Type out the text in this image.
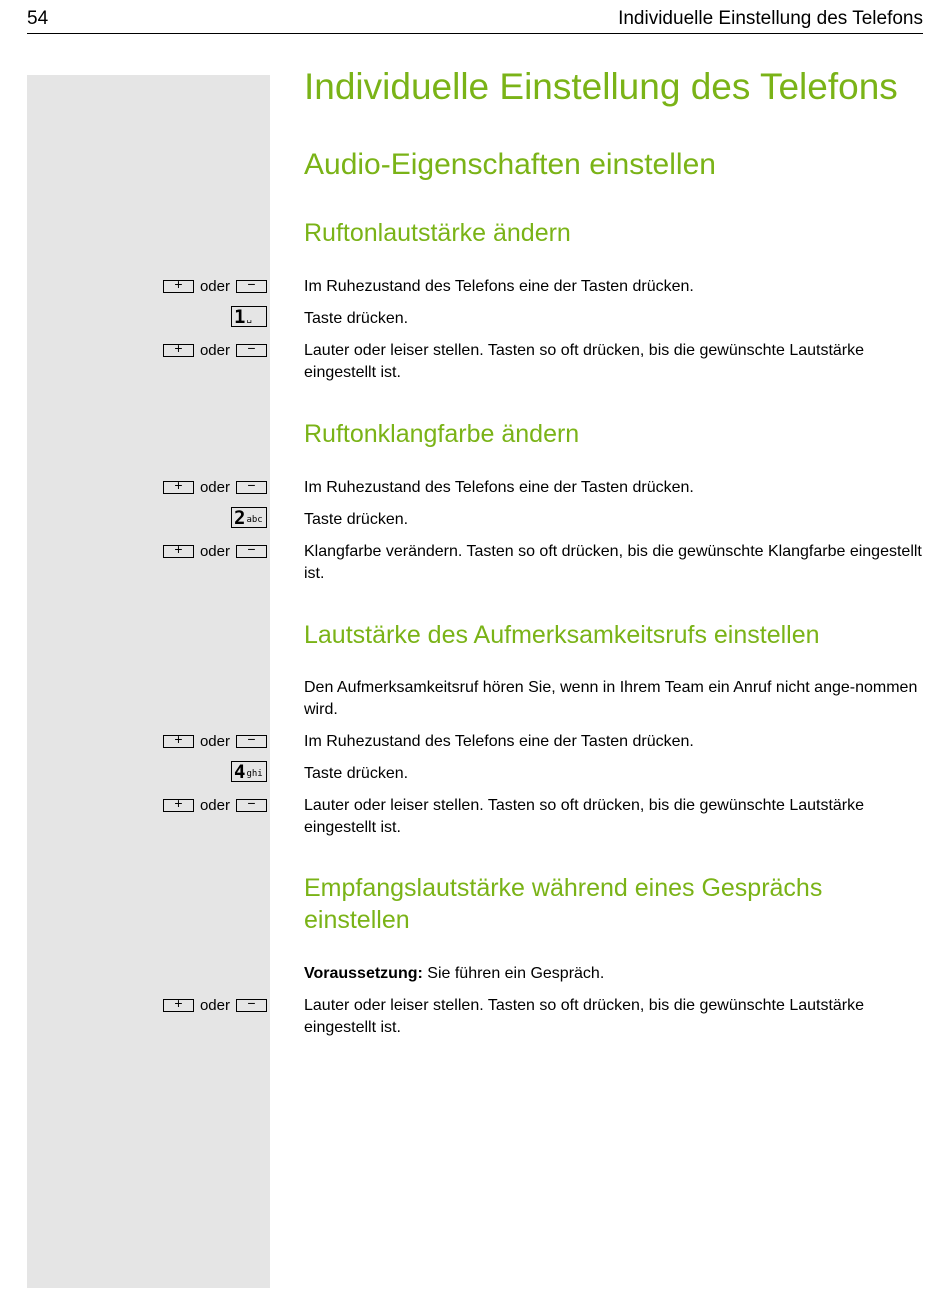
54	Individuelle Einstellung des Telefons
Individuelle Einstellung des Telefons
Audio-Eigenschaften einstellen
Ruftonlautstärke ändern
+	oder	−	Im Ruhezustand des Telefons eine der Tasten drücken.
1 ␣	Taste drücken.
+	oder	−	Lauter oder leiser stellen. Tasten so oft drücken, bis die gewünschte Lautstärke eingestellt ist.
Ruftonklangfarbe ändern
+	oder	−	Im Ruhezustand des Telefons eine der Tasten drücken.
2 abc	Taste drücken.
+	oder	−	Klangfarbe verändern. Tasten so oft drücken, bis die gewünschte Klangfarbe eingestellt ist.
Lautstärke des Aufmerksamkeitsrufs einstellen
Den Aufmerksamkeitsruf hören Sie, wenn in Ihrem Team ein Anruf nicht ange-nommen wird.
+	oder	−	Im Ruhezustand des Telefons eine der Tasten drücken.
4 ghi	Taste drücken.
+	oder	−	Lauter oder leiser stellen. Tasten so oft drücken, bis die gewünschte Lautstärke eingestellt ist.
Empfangslautstärke während eines Gesprächs einstellen
Voraussetzung: Sie führen ein Gespräch.
+	oder	−	Lauter oder leiser stellen. Tasten so oft drücken, bis die gewünschte Lautstärke eingestellt ist.
